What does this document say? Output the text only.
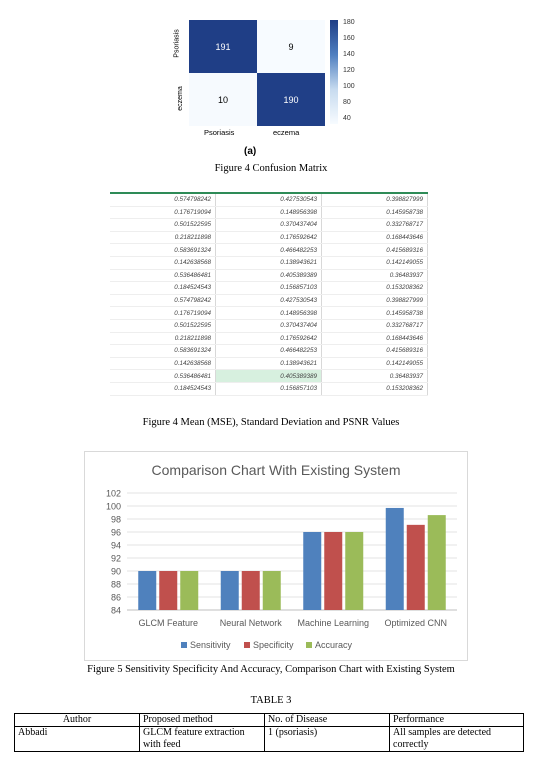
191	9
10	190
Psoriasis
eczema
Psoriasis	eczema
180
160
140
120
100
80
40
(a)
Figure 4 Confusion Matrix
0.574798242	0.427530543	0.398827999
0.176719094	0.148956398	0.145958738
0.501522595	0.370437404	0.332768717
0.218211898	0.176592642	0.168443646
0.583691324	0.466482253	0.415689316
0.142638568	0.138943621	0.142149055
0.536486481	0.405389389	0.36483937
0.184524543	0.156857103	0.153208362
0.574798242	0.427530543	0.398827999
0.176719094	0.148956398	0.145958738
0.501522595	0.370437404	0.332768717
0.218211898	0.176592642	0.168443646
0.583691324	0.466482253	0.415689316
0.142638568	0.138943621	0.142149055
0.536486481	0.405389389	0.36483937
0.184524543	0.156857103	0.153208362
Figure 4 Mean (MSE), Standard Deviation and PSNR Values
Comparison Chart With Existing System
84
86
88
90
92
94
96
98
100
102
GLCM Feature Neural Network Machine Learning Optimized CNN
Sensitivity Specificity Accuracy
Figure 5 Sensitivity Specificity And Accuracy, Comparison Chart with Existing System
TABLE 3
Author	Proposed method	No. of Disease	Performance
Abbadi	GLCM feature extraction with feed	1 (psoriasis)	All samples are detected correctly
